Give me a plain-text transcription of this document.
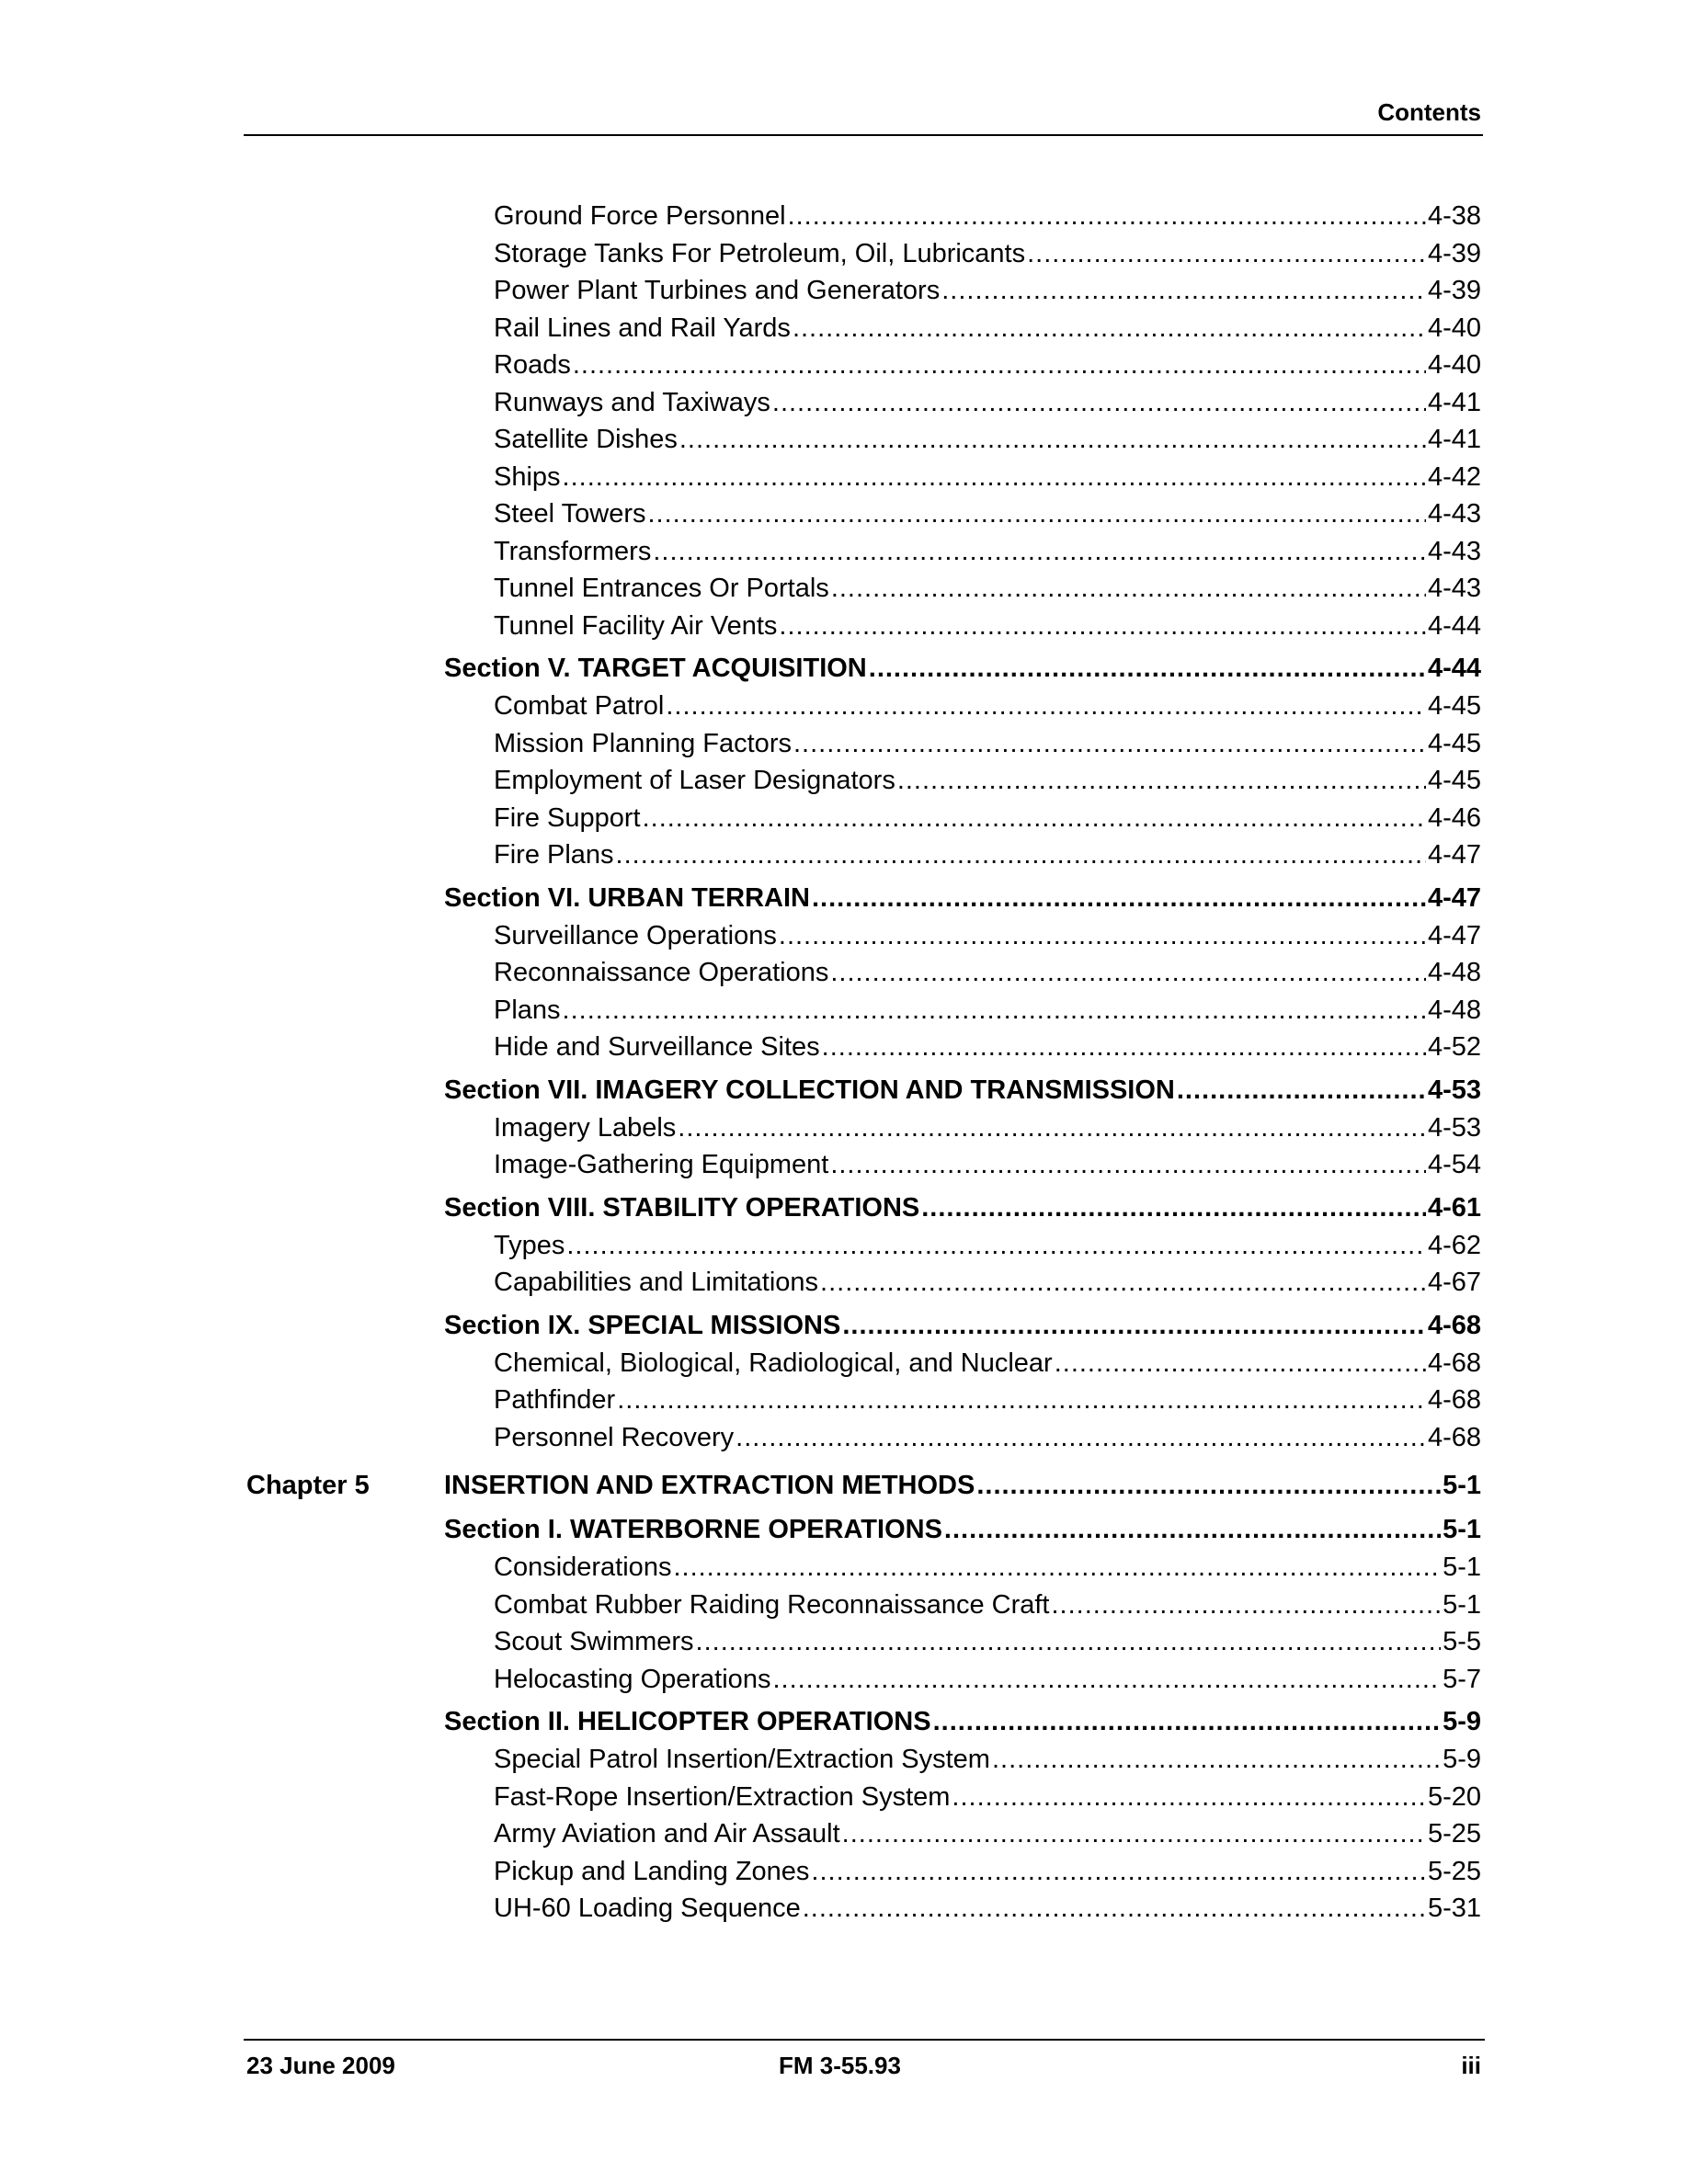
Contents
Ground Force Personnel .....	4-38
Storage Tanks For Petroleum, Oil, Lubricants .....	4-39
Power Plant Turbines and Generators .....	4-39
Rail Lines and Rail Yards .....	4-40
Roads .....	4-40
Runways and Taxiways .....	4-41
Satellite Dishes .....	4-41
Ships .....	4-42
Steel Towers .....	4-43
Transformers .....	4-43
Tunnel Entrances Or Portals .....	4-43
Tunnel Facility Air Vents .....	4-44
Section V. TARGET ACQUISITION .....	4-44
Combat Patrol .....	4-45
Mission Planning Factors .....	4-45
Employment of Laser Designators .....	4-45
Fire Support .....	4-46
Fire Plans .....	4-47
Section VI. URBAN TERRAIN .....	4-47
Surveillance Operations .....	4-47
Reconnaissance Operations .....	4-48
Plans .....	4-48
Hide and Surveillance Sites .....	4-52
Section VII. IMAGERY COLLECTION AND TRANSMISSION .....	4-53
Imagery Labels .....	4-53
Image-Gathering Equipment .....	4-54
Section VIII. STABILITY OPERATIONS .....	4-61
Types .....	4-62
Capabilities and Limitations .....	4-67
Section IX. SPECIAL MISSIONS .....	4-68
Chemical, Biological, Radiological, and Nuclear .....	4-68
Pathfinder .....	4-68
Personnel Recovery .....	4-68
Chapter 5	INSERTION AND EXTRACTION METHODS .....	5-1
Section I. WATERBORNE OPERATIONS .....	5-1
Considerations .....	5-1
Combat Rubber Raiding Reconnaissance Craft .....	5-1
Scout Swimmers .....	5-5
Helocasting Operations .....	5-7
Section II. HELICOPTER OPERATIONS .....	5-9
Special Patrol Insertion/Extraction System .....	5-9
Fast-Rope Insertion/Extraction System .....	5-20
Army Aviation and Air Assault .....	5-25
Pickup and Landing Zones .....	5-25
UH-60 Loading Sequence .....	5-31
23 June 2009	FM 3-55.93	iii
